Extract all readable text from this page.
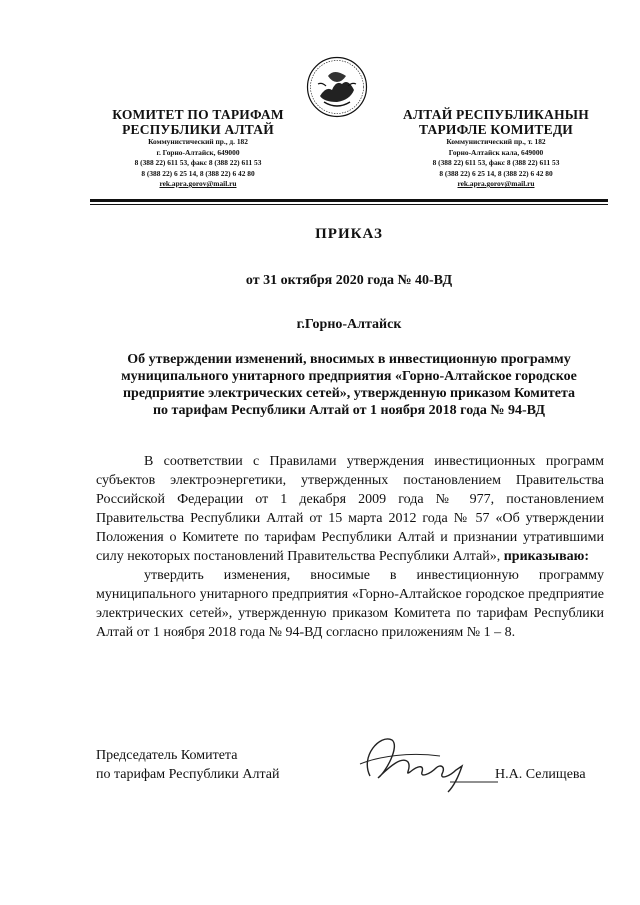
КОМИТЕТ ПО ТАРИФАМ
РЕСПУБЛИКИ АЛТАЙ
Коммунистический пр., д. 182
г. Горно-Алтайск, 649000
8 (388 22) 611 53, факс 8 (388 22) 611 53
8 (388 22) 6 25 14, 8 (388 22) 6 42 80
rek.apra.gorov@mail.ru
АЛТАЙ РЕСПУБЛИКАНЫН
ТАРИФЛЕ КОМИТЕДИ
Коммунистический пр., т. 182
Горно-Алтайск кала, 649000
8 (388 22) 611 53, факс 8 (388 22) 611 53
8 (388 22) 6 25 14, 8 (388 22) 6 42 80
rek.apra.gorov@mail.ru
ПРИКАЗ
от 31 октября 2020 года № 40-ВД
г.Горно-Алтайск
Об утверждении изменений, вносимых в инвестиционную программу
муниципального унитарного предприятия «Горно-Алтайское городское
предприятие электрических сетей», утвержденную приказом Комитета
по тарифам Республики Алтай от 1 ноября 2018 года № 94-ВД

В соответствии с Правилами утверждения инвестиционных программ субъектов электроэнергетики, утвержденных постановлением Правительства Российской Федерации от 1 декабря 2009 года № 977, постановлением Правительства Республики Алтай от 15 марта 2012 года № 57 «Об утверждении Положения о Комитете по тарифам Республики Алтай и признании утратившими силу некоторых постановлений Правительства Республики Алтай», приказываю:

утвердить изменения, вносимые в инвестиционную программу муниципального унитарного предприятия «Горно-Алтайское городское предприятие электрических сетей», утвержденную приказом Комитета по тарифам Республики Алтай от 1 ноября 2018 года № 94-ВД согласно приложениям № 1 – 8.

Председатель Комитета
по тарифам Республики Алтай	Н.А. Селищева
